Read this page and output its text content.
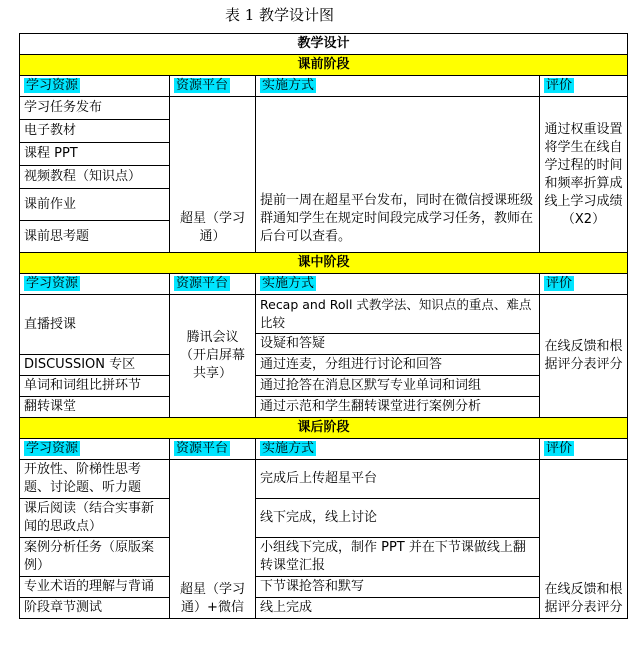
表 1 教学设计图
教学设计			
课前阶段			
学习资源	资源平台	实施方式	评价
学习任务发布	超星（学习通）	提前一周在超星平台发布，同时在微信授课班级群通知学生在规定时间段完成学习任务，教师在后台可以查看。	通过权重设置将学生在线自学过程的时间和频率折算成线上学习成绩（X2）
电子教材			
课程 PPT			
视频教程（知识点）			
课前作业			
课前思考题			
课中阶段			
学习资源	资源平台	实施方式	评价
直播授课	腾讯会议（开启屏幕共享）	Recap and Roll 式教学法、知识点的重点、难点比较	在线反馈和根据评分表评分
		设疑和答疑	
DISCUSSION 专区		通过连麦，分组进行讨论和回答	
单词和词组比拼环节		通过抢答在消息区默写专业单词和词组	
翻转课堂		通过示范和学生翻转课堂进行案例分析	
课后阶段			
学习资源	资源平台	实施方式	评价
开放性、阶梯性思考题、讨论题、听力题	超星（学习通）+微信	完成后上传超星平台	在线反馈和根据评分表评分
课后阅读（结合实事新闻的思政点）		线下完成，线上讨论	
案例分析任务（原版案例）		小组线下完成，制作 PPT 并在下节课做线上翻转课堂汇报	
专业术语的理解与背诵		下节课抢答和默写	
阶段章节测试		线上完成	
